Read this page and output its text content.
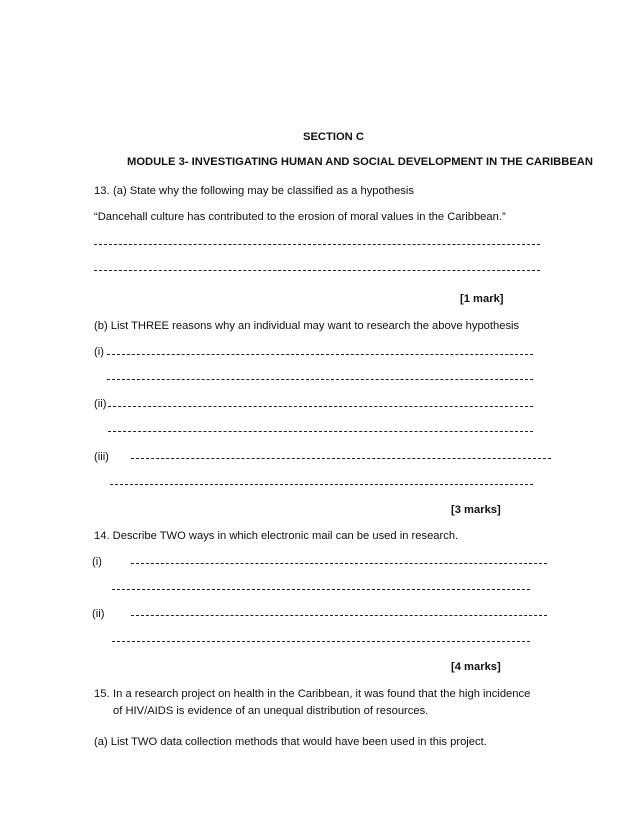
SECTION C
MODULE 3- INVESTIGATING HUMAN AND SOCIAL DEVELOPMENT IN THE CARIBBEAN
13. (a) State why the following may be classified as a hypothesis
“Dancehall culture has contributed to the erosion of moral values in the Caribbean.”
[1 mark]
(b) List THREE reasons why an individual may want to research the above hypothesis
(i)
(ii)
(iii)
[3 marks]
14. Describe TWO ways in which electronic mail can be used in research.
(i)
(ii)
[4 marks]
15. In a research project on health in the Caribbean, it was found that the high incidence of HIV/AIDS is evidence of an unequal distribution of resources.
(a) List TWO data collection methods that would have been used in this project.
